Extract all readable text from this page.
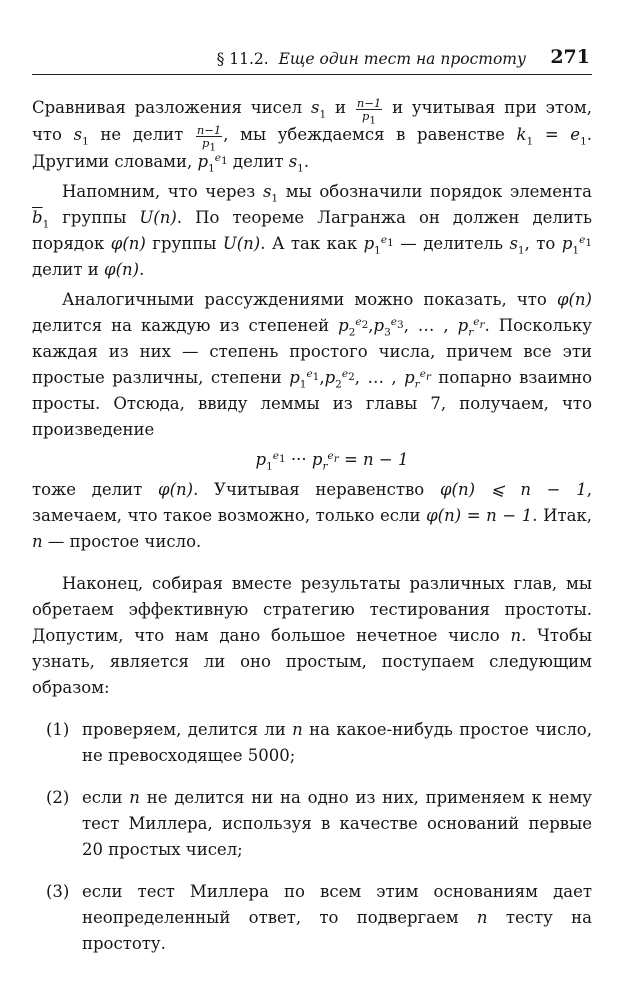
§ 11.2. Еще один тест на простоту 271

Сравнивая разложения чисел $s_1$ и $\frac{n-1}{p_1}$ и учитывая при этом, что $s_1$ не делит $\frac{n-1}{p_1}$ , мы убеждаемся в равенстве $k_1 = e_1$. Другими словами, $p_1^{e_1}$ делит $s_1$.

Напомним, что через $s_1$ мы обозначили порядок элемента $\overline{b}_1$ группы U(n). По теореме Лагранжа он должен делить порядок φ(n) группы U(n). А так как $p_1^{e_1}$ — делитель $s_1$, то $p_1^{e_1}$ делит и φ(n).

Аналогичными рассуждениями можно показать, что φ(n) делится на каждую из степеней $p_2^{e_2},p_3^{e_3}$, … , $p_r^{e_r}$. Поскольку каждая из них — степень простого числа, причем все эти простые различны, степени $p_1^{e_1},p_2^{e_2}$, … , $p_r^{e_r}$ попарно взаимно просты. Отсюда, ввиду леммы из главы 7, получаем, что произведение

$p_1^{e_1}$ ··· $p_r^{e_r} = n - 1$

тоже делит φ(n). Учитывая неравенство φ(n) ⩽ n − 1, замечаем, что такое возможно, только если φ(n) = n − 1. Итак, n — простое число.

Наконец, собирая вместе результаты различных глав, мы обретаем эффективную стратегию тестирования простоты. Допустим, что нам дано большое нечетное число n. Чтобы узнать, является ли оно простым, поступаем следующим образом:

(1) проверяем, делится ли n на какое-нибудь простое число, не превосходящее 5000;
(2) если n не делится ни на одно из них, применяем к нему тест Миллера, используя в качестве оснований первые 20 простых чисел;
(3) если тест Миллера по всем этим основаниям дает неопределенный ответ, то подвергаем n тесту на простоту.
